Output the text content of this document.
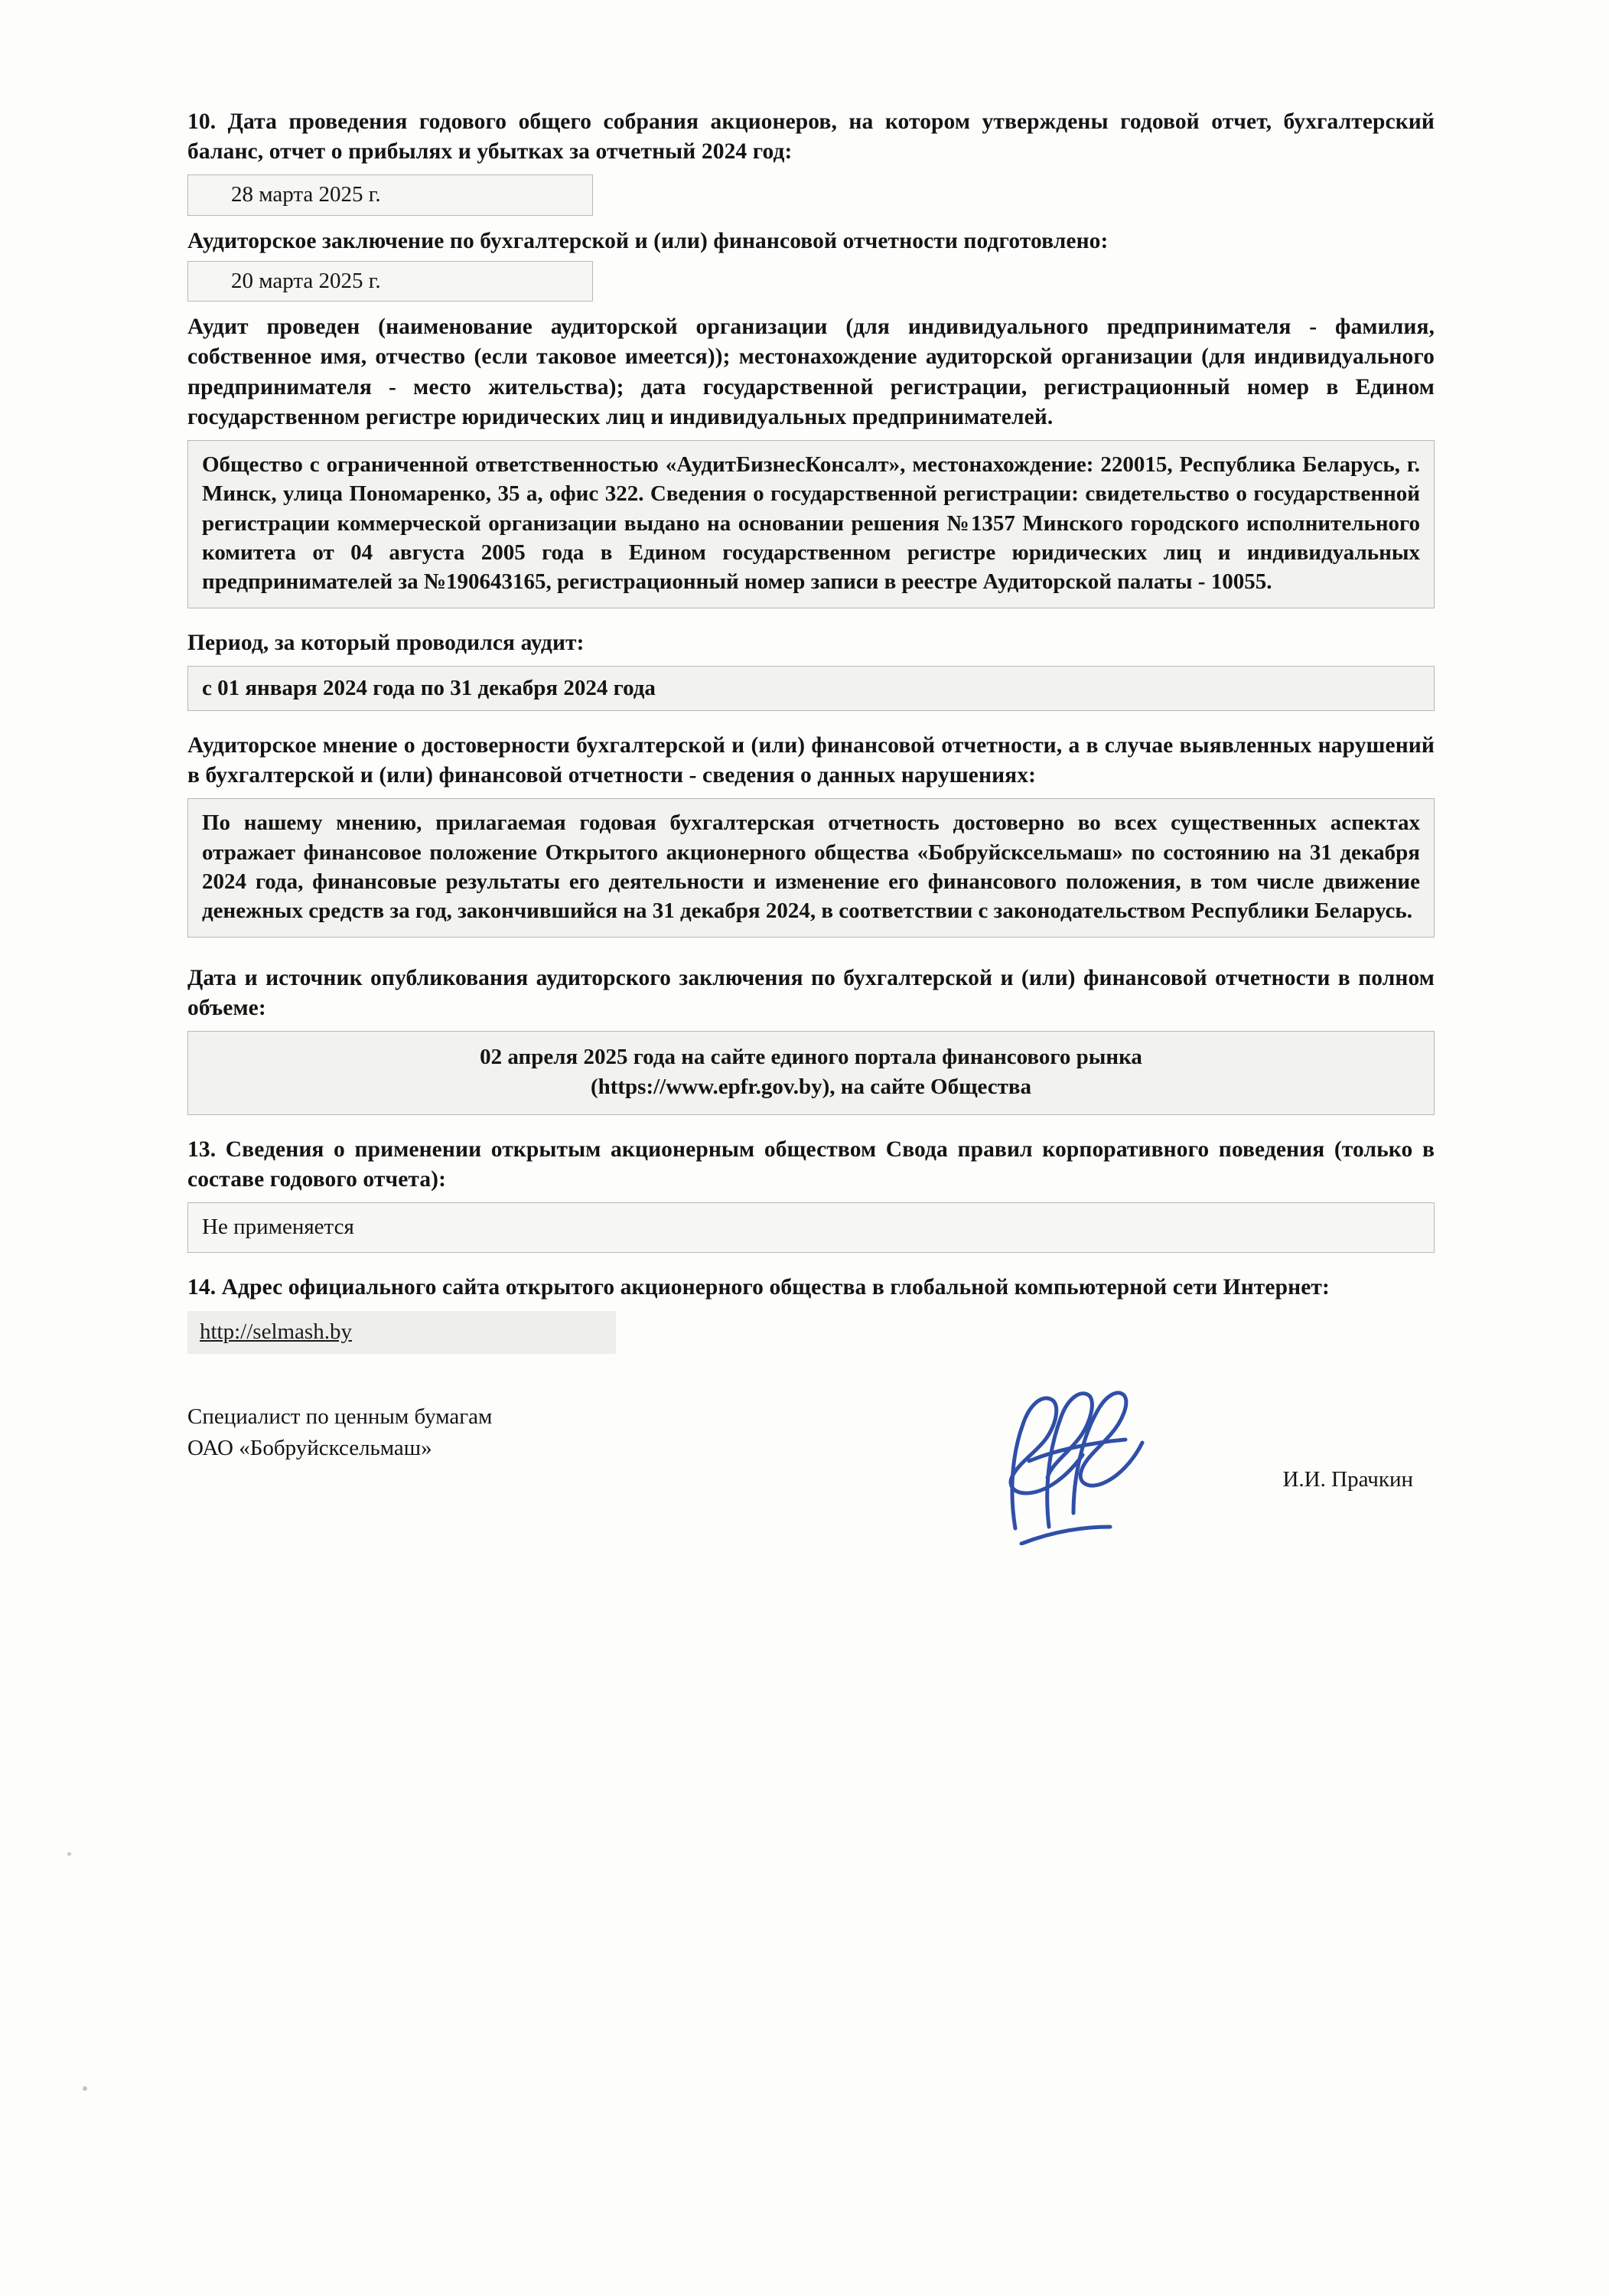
10. Дата проведения годового общего собрания акционеров, на котором утверждены годовой отчет, бухгалтерский баланс, отчет о прибылях и убытках за отчетный 2024 год:

28 марта 2025 г.

Аудиторское заключение по бухгалтерской и (или) финансовой отчетности подготовлено:

20 марта 2025 г.

Аудит проведен (наименование аудиторской организации (для индивидуального предпринимателя - фамилия, собственное имя, отчество (если таковое имеется)); местонахождение аудиторской организации (для индивидуального предпринимателя - место жительства); дата государственной регистрации, регистрационный номер в Едином государственном регистре юридических лиц и индивидуальных предпринимателей.

Общество с ограниченной ответственностью «АудитБизнесКонсалт», местонахождение: 220015, Республика Беларусь, г. Минск, улица Пономаренко, 35 а, офис 322. Сведения о государственной регистрации: свидетельство о государственной регистрации коммерческой организации выдано на основании решения №1357 Минского городского исполнительного комитета от 04 августа 2005 года в Едином государственном регистре юридических лиц и индивидуальных предпринимателей за №190643165, регистрационный номер записи в реестре Аудиторской палаты - 10055.

Период, за который проводился аудит:

с 01 января 2024 года по 31 декабря 2024 года

Аудиторское мнение о достоверности бухгалтерской и (или) финансовой отчетности, а в случае выявленных нарушений в бухгалтерской и (или) финансовой отчетности - сведения о данных нарушениях:

По нашему мнению, прилагаемая годовая бухгалтерская отчетность достоверно во всех существенных аспектах отражает финансовое положение Открытого акционерного общества «Бобруйсксельмаш» по состоянию на 31 декабря 2024 года, финансовые результаты его деятельности и изменение его финансового положения, в том числе движение денежных средств за год, закончившийся на 31 декабря 2024, в соответствии с законодательством Республики Беларусь.

Дата и источник опубликования аудиторского заключения по бухгалтерской и (или) финансовой отчетности в полном объеме:

02 апреля 2025 года на сайте единого портала финансового рынка
(https://www.epfr.gov.by), на сайте Общества

13. Сведения о применении открытым акционерным обществом Свода правил корпоративного поведения (только в составе годового отчета):

Не применяется

14. Адрес официального сайта открытого акционерного общества в глобальной компьютерной сети Интернет:

http://selmash.by
Специалист по ценным бумагам
ОАО «Бобруйсксельмаш»
И.И. Прачкин
